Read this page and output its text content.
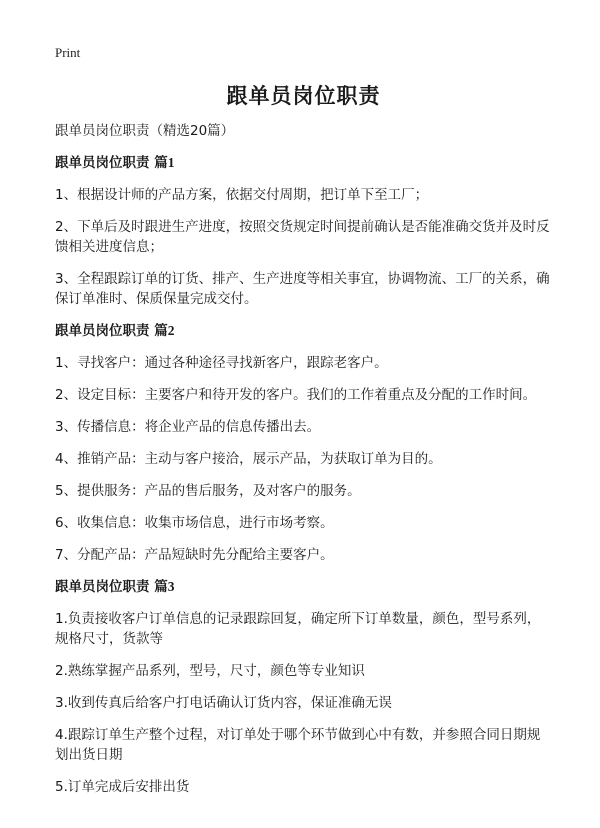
Print
跟单员岗位职责
跟单员岗位职责（精选20篇）
跟单员岗位职责 篇1

1、根据设计师的产品方案，依据交付周期，把订单下至工厂；

2、下单后及时跟进生产进度，按照交货规定时间提前确认是否能准确交货并及时反馈相关进度信息；

3、全程跟踪订单的订货、排产、生产进度等相关事宜，协调物流、工厂的关系，确保订单准时、保质保量完成交付。

跟单员岗位职责 篇2

1、寻找客户：通过各种途径寻找新客户，跟踪老客户。

2、设定目标：主要客户和待开发的客户。我们的工作着重点及分配的工作时间。

3、传播信息：将企业产品的信息传播出去。

4、推销产品：主动与客户接洽，展示产品，为获取订单为目的。

5、提供服务：产品的售后服务，及对客户的服务。

6、收集信息：收集市场信息，进行市场考察。

7、分配产品：产品短缺时先分配给主要客户。

跟单员岗位职责 篇3

1.负责接收客户订单信息的记录跟踪回复，确定所下订单数量，颜色，型号系列，规格尺寸，货款等

2.熟练掌握产品系列，型号，尺寸，颜色等专业知识

3.收到传真后给客户打电话确认订货内容，保证准确无误

4.跟踪订单生产整个过程，对订单处于哪个环节做到心中有数，并参照合同日期规划出货日期

5.订单完成后安排出货
